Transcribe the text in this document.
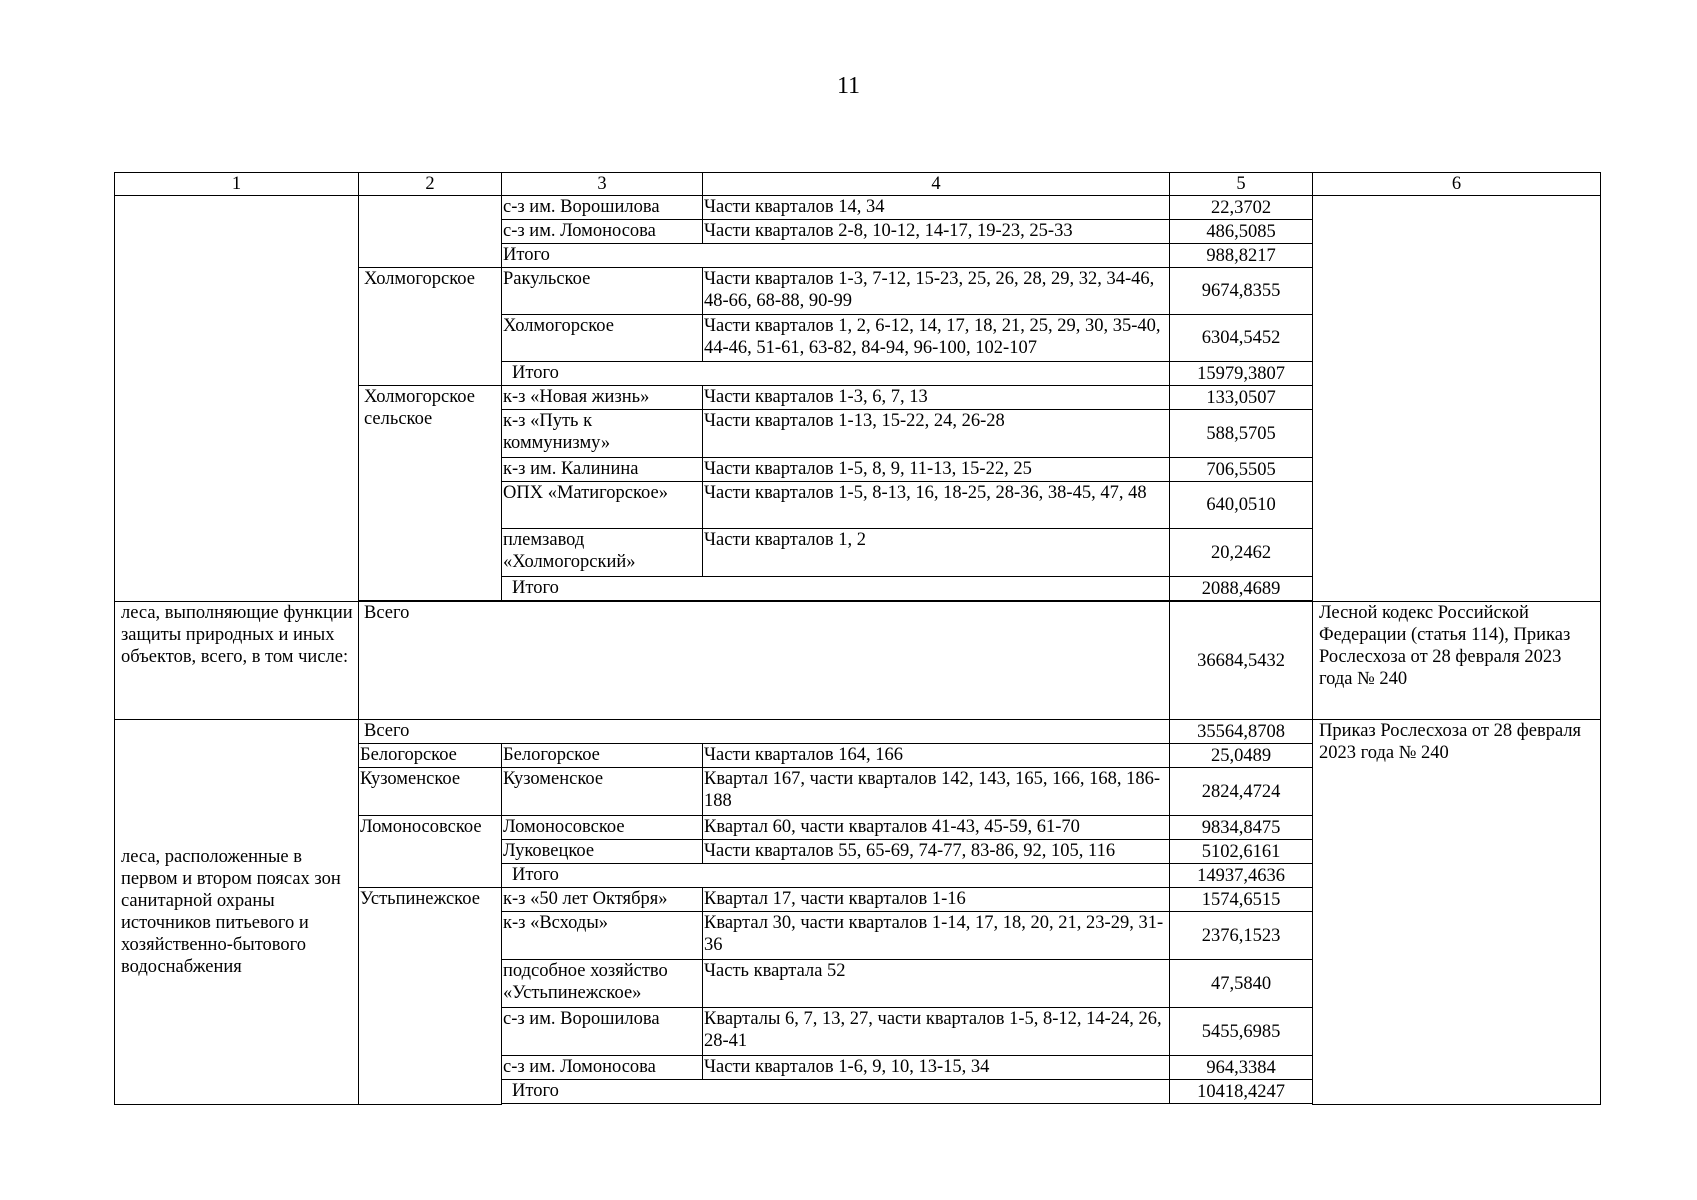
11
1	2	3	4	5	6
		с-з им. Ворошилова	Части кварталов 14, 34	22,3702	
		с-з им. Ломоносова	Части кварталов 2-8, 10-12, 14-17, 19-23, 25-33	486,5085	
		Итого		988,8217	
	Холмогорское	Ракульское	Части кварталов 1-3, 7-12, 15-23, 25, 26, 28, 29, 32, 34-46, 48-66, 68-88, 90-99	9674,8355	
		Холмогорское	Части кварталов 1, 2, 6-12, 14, 17, 18, 21, 25, 29, 30, 35-40, 44-46, 51-61, 63-82, 84-94, 96-100, 102-107	6304,5452	
		Итого		15979,3807	
	Холмогорское сельское	к-з «Новая жизнь»	Части кварталов 1-3, 6, 7, 13	133,0507	
		к-з «Путь к коммунизму»	Части кварталов 1-13, 15-22, 24, 26-28	588,5705	
		к-з им. Калинина	Части кварталов 1-5, 8, 9, 11-13, 15-22, 25	706,5505	
		ОПХ «Матигорское»	Части кварталов 1-5, 8-13, 16, 18-25, 28-36, 38-45, 47, 48	640,0510	
		племзавод «Холмогорский»	Части кварталов 1, 2	20,2462	
		Итого		2088,4689	

леса, выполняющие функции защиты природных и иных объектов, всего, в том числе:	Всего			36684,5432	Лесной кодекс Российской Федерации (статья 114), Приказ Рослесхоза от 28 февраля 2023 года № 240
леса, расположенные в первом и втором поясах зон санитарной охраны источников питьевого и хозяйственно-бытового водоснабжения	Всего			35564,8708	Приказ Рослесхоза от 28 февраля 2023 года № 240
	Белогорское	Белогорское	Части кварталов 164, 166	25,0489	
	Кузоменское	Кузоменское	Квартал 167, части кварталов 142, 143, 165, 166, 168, 186-188	2824,4724	
	Ломоносовское	Ломоносовское	Квартал 60, части кварталов 41-43, 45-59, 61-70	9834,8475	
		Луковецкое	Части кварталов 55, 65-69, 74-77, 83-86, 92, 105, 116	5102,6161	
		Итого		14937,4636	
	Устьпинежское	к-з «50 лет Октября»	Квартал 17, части кварталов 1-16	1574,6515	
		к-з «Всходы»	Квартал 30, части кварталов 1-14, 17, 18, 20, 21, 23-29, 31-36	2376,1523	
		подсобное хозяйство «Устьпинежское»	Часть квартала 52	47,5840	
		с-з им. Ворошилова	Кварталы 6, 7, 13, 27, части кварталов 1-5, 8-12, 14-24, 26, 28-41	5455,6985	
		с-з им. Ломоносова	Части кварталов 1-6, 9, 10, 13-15, 34	964,3384	
		Итого		10418,4247	
